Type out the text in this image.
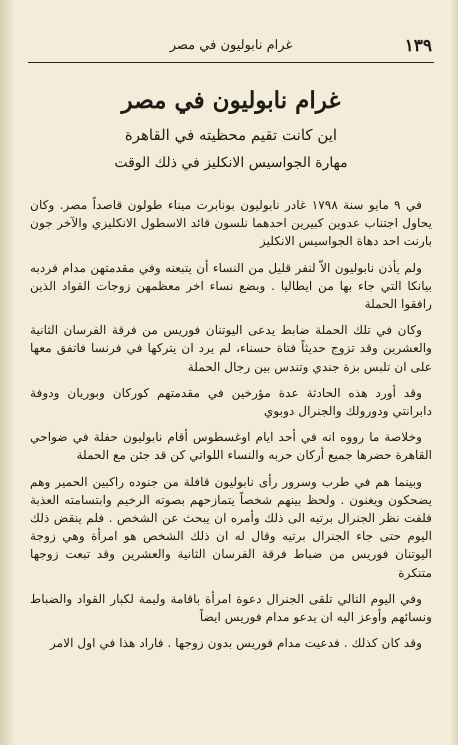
١٣٩
غرام نابوليون في مصر
غرام نابوليون في مصر

اين كانت تقيم محظيته في القاهرة

مهارة الجواسيس الانكليز في ذلك الوقت

في ٩ مايو سنة ١٧٩٨ غادر نابوليون بونابرت ميناء طولون قاصداً مصر. وكان يحاول اجتناب عدوين كبيرين احدهما نلسون قائد الاسطول الانكليزي والآخر جون بارنت احد دهاة الجواسيس الانكليز

ولم يأذن نابوليون الاّ لنفر قليل من النساء أن يتبعنه وفي مقدمتهن مدام فردبه بيانكا التي جاء بها من ايطاليا . وبضع نساء اخر معظمهن زوجات القواد الذين رافقوا الحملة

وكان في تلك الحملة ضابط يدعى اليوتنان فوريس من فرقة الفرسان الثانية والعشرين وقد تزوج حديثاً فتاة حسناء، لم يرد ان يتركها في فرنسا فاتفق معها على ان تلبس بزة جندي وتندس بين رجال الحملة

وقد أورد هذه الحادثة عدة مؤرخين في مقدمتهم كوركان وبوريان ودوفة دابرانتي ودورولك والجنرال دوبوي

وخلاصة ما رووه انه في أحد ايام اوغسطوس أقام نابوليون حفلة في ضواحي القاهرة حضرها جميع أركان حربه والنساء اللواتي كن قد جئن مع الحملة

وبينما هم في طرب وسرور رأى نابوليون قافلة من جنوده راكبين الحمير وهم يضحكون ويغنون . ولحظ بينهم شخصاً يتمازحهم بصوته الرخيم وابتسامته العذبة فلفت نظر الجنرال برتيه الى ذلك وأمره ان يبحث عن الشخص . فلم ينقض ذلك اليوم حتى جاء الجنرال برتيه وقال له ان ذلك الشخص هو امرأة وهي زوجة اليوتنان فوريس من ضباط فرقة الفرسان الثانية والعشرين وقد تبعت زوجها متنكرة

وفي اليوم التالي تلقى الجنرال دعوة امرأة باقامة وليمة لكبار القواد والضباط ونسائهم وأوعز اليه ان يدعو مدام فوريس ايضاً

وقد كان كذلك . فدعيت مدام فوريس بدون زوجها . فاراد هذا في اول الامر
